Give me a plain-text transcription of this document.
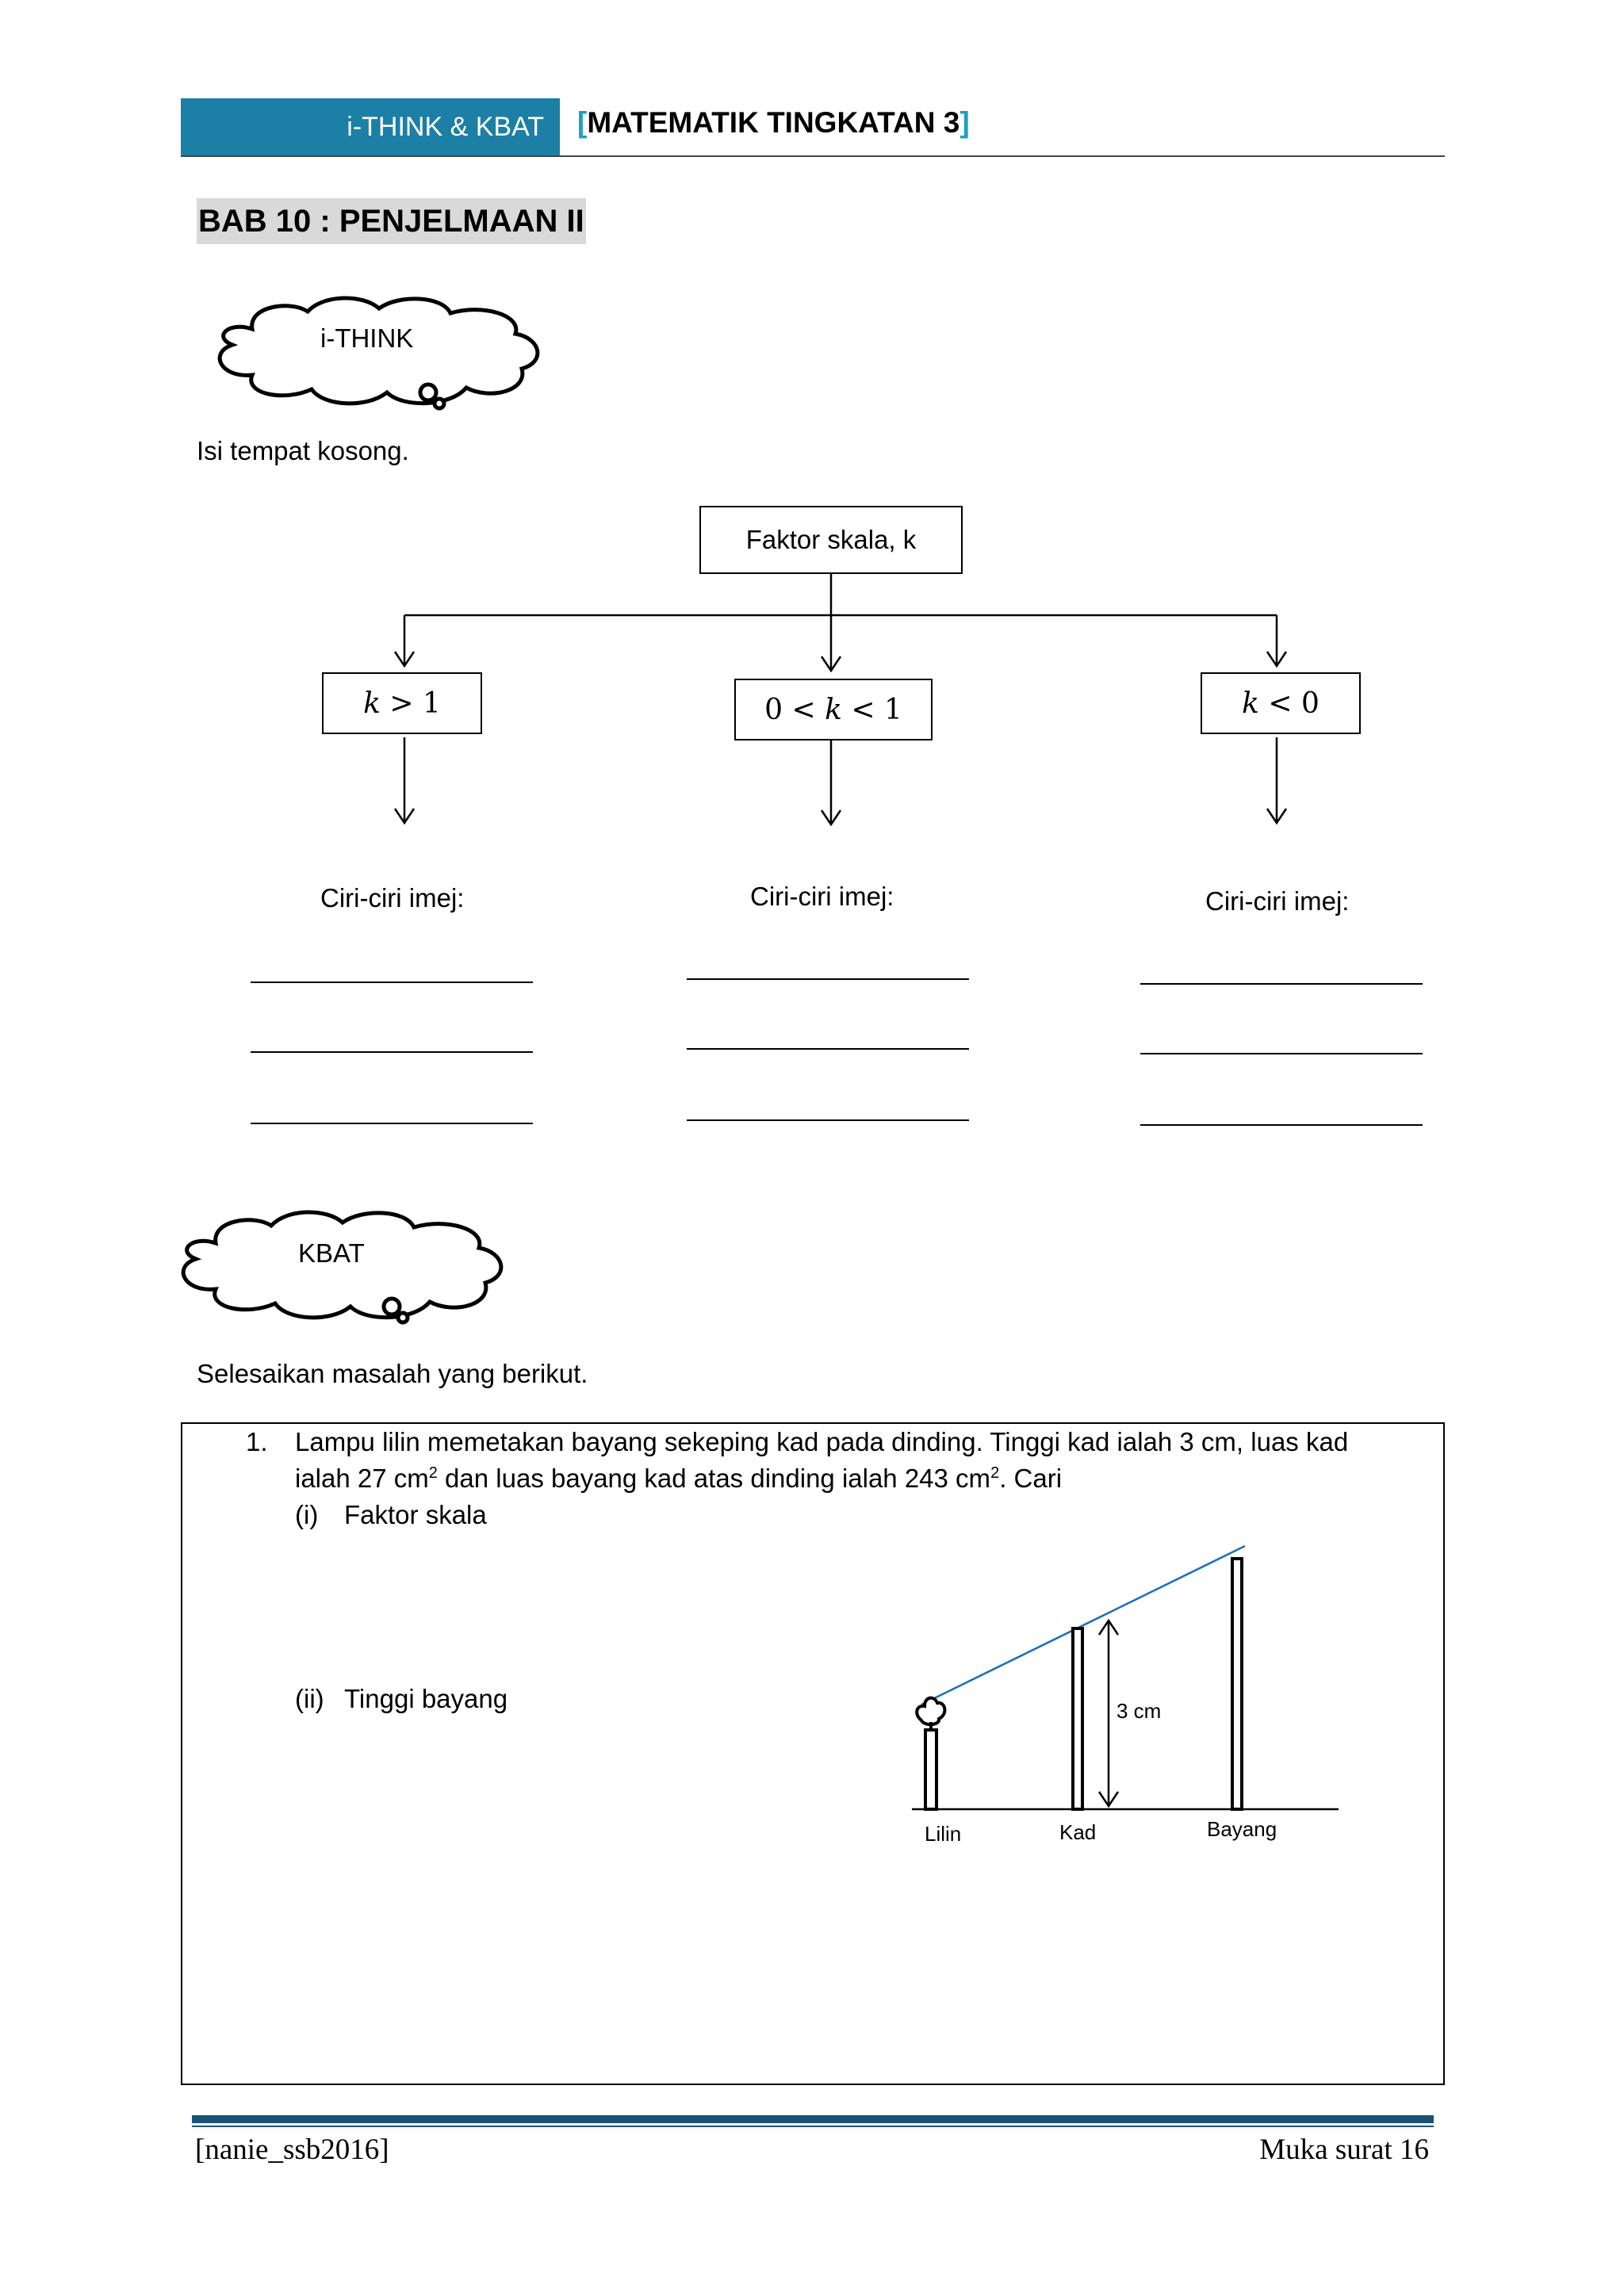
i-THINK & KBAT [MATEMATIK TINGKATAN 3]
BAB 10 : PENJELMAAN II
i-THINK
Isi tempat kosong.
Faktor skala, k
k
> 1	0 <
k
< 1	k
< 0
Ciri-ciri imej:	Ciri-ciri imej:	Ciri-ciri imej:
KBAT
Selesaikan masalah yang berikut.
1. Lampu lilin memetakan bayang sekeping kad pada dinding. Tinggi kad ialah 3 cm, luas kad
ialah 27 $cm^2$ dan luas bayang kad atas dinding ialah 243 $cm^2$. Cari
(i) Faktor skala
(ii) Tinggi bayang	3 cm
Lilin	Kad	Bayang
[nanie_ssb2016]	Muka surat 16
